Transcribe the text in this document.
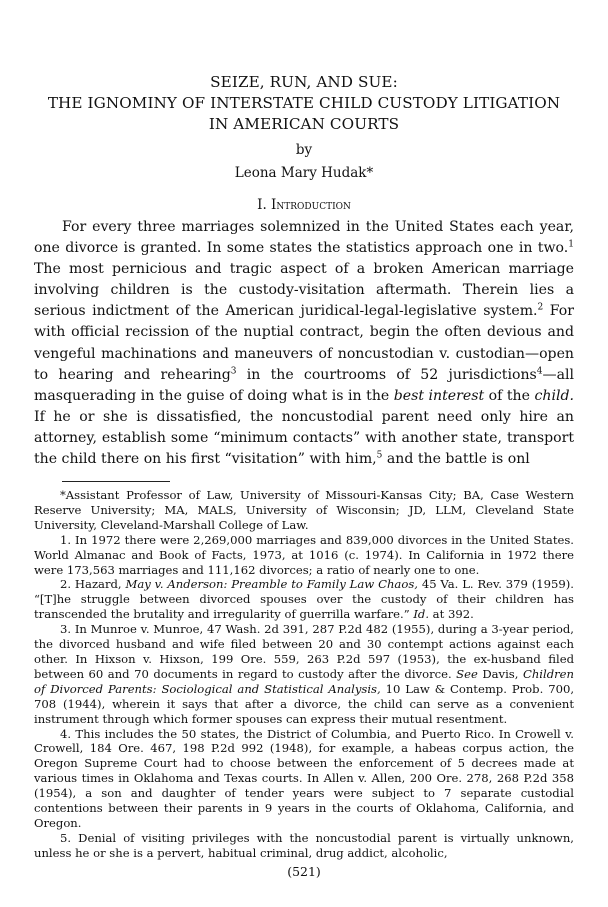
SEIZE, RUN, AND SUE:
THE IGNOMINY OF INTERSTATE CHILD CUSTODY LITIGATION
IN AMERICAN COURTS
by
Leona Mary Hudak*
I. Introduction

For every three marriages solemnized in the United States each year, one divorce is granted. In some states the statistics approach one in two.$^1$ The most pernicious and tragic aspect of a broken American marriage involving children is the custody-visitation aftermath. Therein lies a serious indictment of the American juridical-legal-legislative system.$^2$ For with official recission of the nuptial contract, begin the often devious and vengeful machinations and maneuvers of noncustodian v. custodian—open to hearing and rehearing$^3$ in the courtrooms of 52 jurisdictions$^4$—all masquerading in the guise of doing what is in the best interest of the child. If he or she is dissatisfied, the noncustodial parent need only hire an attorney, establish some “minimum contacts” with another state, transport the child there on his first “visitation” with him,$^5$ and the battle is onl

*Assistant Professor of Law, University of Missouri-Kansas City; BA, Case Western Reserve University; MA, MALS, University of Wisconsin; JD, LLM, Cleveland State University, Cleveland-Marshall College of Law.

1. In 1972 there were 2,269,000 marriages and 839,000 divorces in the United States. World Almanac and Book of Facts, 1973, at 1016 (c. 1974). In California in 1972 there were 173,563 marriages and 111,162 divorces; a ratio of nearly one to one.

2. Hazard, May v. Anderson: Preamble to Family Law Chaos, 45 Va. L. Rev. 379 (1959). “[T]he struggle between divorced spouses over the custody of their children has transcended the brutality and irregularity of guerrilla warfare.” Id. at 392.

3. In Munroe v. Munroe, 47 Wash. 2d 391, 287 P.2d 482 (1955), during a 3-year period, the divorced husband and wife filed between 20 and 30 contempt actions against each other. In Hixson v. Hixson, 199 Ore. 559, 263 P.2d 597 (1953), the ex-husband filed between 60 and 70 documents in regard to custody after the divorce. See Davis, Children of Divorced Parents: Sociological and Statistical Analysis, 10 Law & Contemp. Prob. 700, 708 (1944), wherein it says that after a divorce, the child can serve as a convenient instrument through which former spouses can express their mutual resentment.

4. This includes the 50 states, the District of Columbia, and Puerto Rico. In Crowell v. Crowell, 184 Ore. 467, 198 P.2d 992 (1948), for example, a habeas corpus action, the Oregon Supreme Court had to choose between the enforcement of 5 decrees made at various times in Oklahoma and Texas courts. In Allen v. Allen, 200 Ore. 278, 268 P.2d 358 (1954), a son and daughter of tender years were subject to 7 separate custodial contentions between their parents in 9 years in the courts of Oklahoma, California, and Oregon.

5. Denial of visiting privileges with the noncustodial parent is virtually unknown, unless he or she is a pervert, habitual criminal, drug addict, alcoholic,

(521)
